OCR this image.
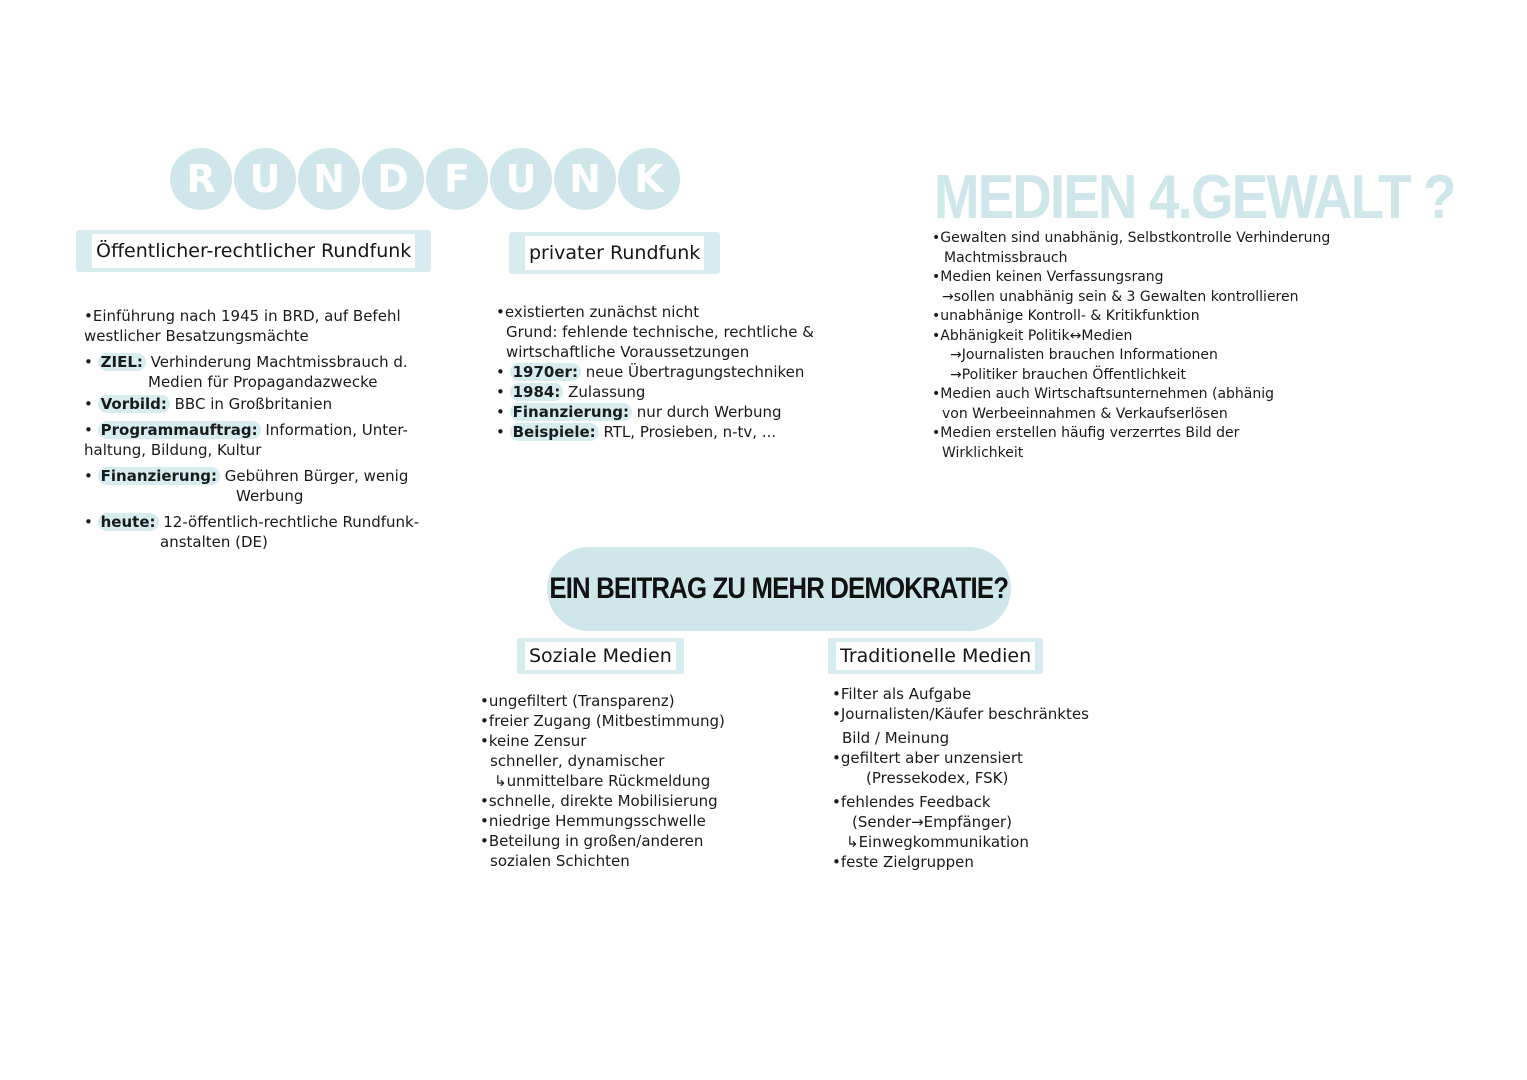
R U N D F U N K
Öffentlicher-rechtlicher Rundfunk
•Einführung nach 1945 in BRD, auf Befehl
westlicher Besatzungsmächte
• ZIEL: Verhinderung Machtmissbrauch d.
Medien für Propagandazwecke
• Vorbild: BBC in Großbritanien
• Programmauftrag: Information, Unter-
haltung, Bildung, Kultur
• Finanzierung: Gebühren Bürger, wenig
Werbung
• heute: 12-öffentlich-rechtliche Rundfunk-
anstalten (DE)
privater Rundfunk
•existierten zunächst nicht
Grund: fehlende technische, rechtliche &
wirtschaftliche Voraussetzungen
• 1970er: neue Übertragungstechniken
• 1984: Zulassung
• Finanzierung: nur durch Werbung
• Beispiele: RTL, Prosieben, n-tv, ...
MEDIEN 4.GEWALT ?
•Gewalten sind unabhänig, Selbstkontrolle Verhinderung
Machtmissbrauch
•Medien keinen Verfassungsrang
→sollen unabhänig sein & 3 Gewalten kontrollieren
•unabhänige Kontroll- & Kritikfunktion
•Abhänigkeit Politik↔Medien
→Journalisten brauchen Informationen
→Politiker brauchen Öffentlichkeit
•Medien auch Wirtschaftsunternehmen (abhänig
von Werbeeinnahmen & Verkaufserlösen
•Medien erstellen häufig verzerrtes Bild der
Wirklichkeit
EIN BEITRAG ZU MEHR DEMOKRATIE?
Soziale Medien
•ungefiltert (Transparenz)
•freier Zugang (Mitbestimmung)
•keine Zensur
schneller, dynamischer
↳unmittelbare Rückmeldung
•schnelle, direkte Mobilisierung
•niedrige Hemmungsschwelle
•Beteilung in großen/anderen
sozialen Schichten
Traditionelle Medien
•Filter als Aufgabe
•Journalisten/Käufer beschränktes
Bild / Meinung
•gefiltert aber unzensiert
(Pressekodex, FSK)
•fehlendes Feedback
(Sender→Empfänger)
↳Einwegkommunikation
•feste Zielgruppen
